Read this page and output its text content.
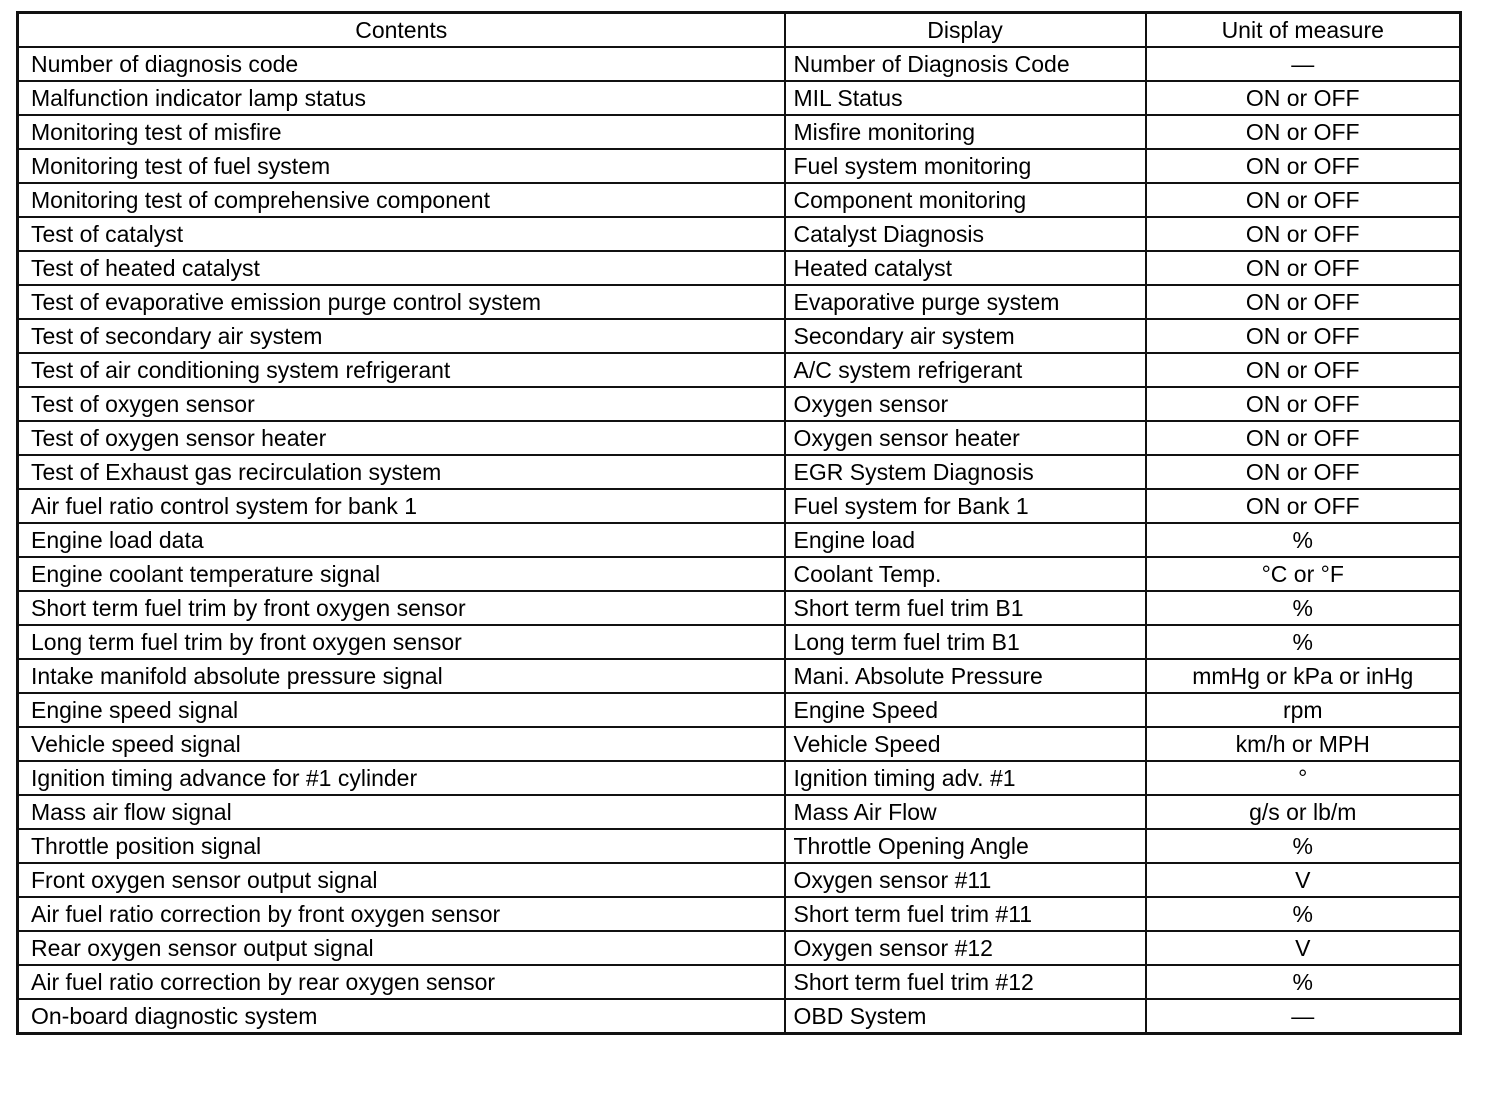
Contents	Display	Unit of measure
Number of diagnosis code	Number of Diagnosis Code	—
Malfunction indicator lamp status	MIL Status	ON or OFF
Monitoring test of misfire	Misfire monitoring	ON or OFF
Monitoring test of fuel system	Fuel system monitoring	ON or OFF
Monitoring test of comprehensive component	Component monitoring	ON or OFF
Test of catalyst	Catalyst Diagnosis	ON or OFF
Test of heated catalyst	Heated catalyst	ON or OFF
Test of evaporative emission purge control system	Evaporative purge system	ON or OFF
Test of secondary air system	Secondary air system	ON or OFF
Test of air conditioning system refrigerant	A/C system refrigerant	ON or OFF
Test of oxygen sensor	Oxygen sensor	ON or OFF
Test of oxygen sensor heater	Oxygen sensor heater	ON or OFF
Test of Exhaust gas recirculation system	EGR System Diagnosis	ON or OFF
Air fuel ratio control system for bank 1	Fuel system for Bank 1	ON or OFF
Engine load data	Engine load	%
Engine coolant temperature signal	Coolant Temp.	°C or °F
Short term fuel trim by front oxygen sensor	Short term fuel trim B1	%
Long term fuel trim by front oxygen sensor	Long term fuel trim B1	%
Intake manifold absolute pressure signal	Mani. Absolute Pressure	mmHg or kPa or inHg
Engine speed signal	Engine Speed	rpm
Vehicle speed signal	Vehicle Speed	km/h or MPH
Ignition timing advance for #1 cylinder	Ignition timing adv. #1	°
Mass air flow signal	Mass Air Flow	g/s or lb/m
Throttle position signal	Throttle Opening Angle	%
Front oxygen sensor output signal	Oxygen sensor #11	V
Air fuel ratio correction by front oxygen sensor	Short term fuel trim #11	%
Rear oxygen sensor output signal	Oxygen sensor #12	V
Air fuel ratio correction by rear oxygen sensor	Short term fuel trim #12	%
On-board diagnostic system	OBD System	—
